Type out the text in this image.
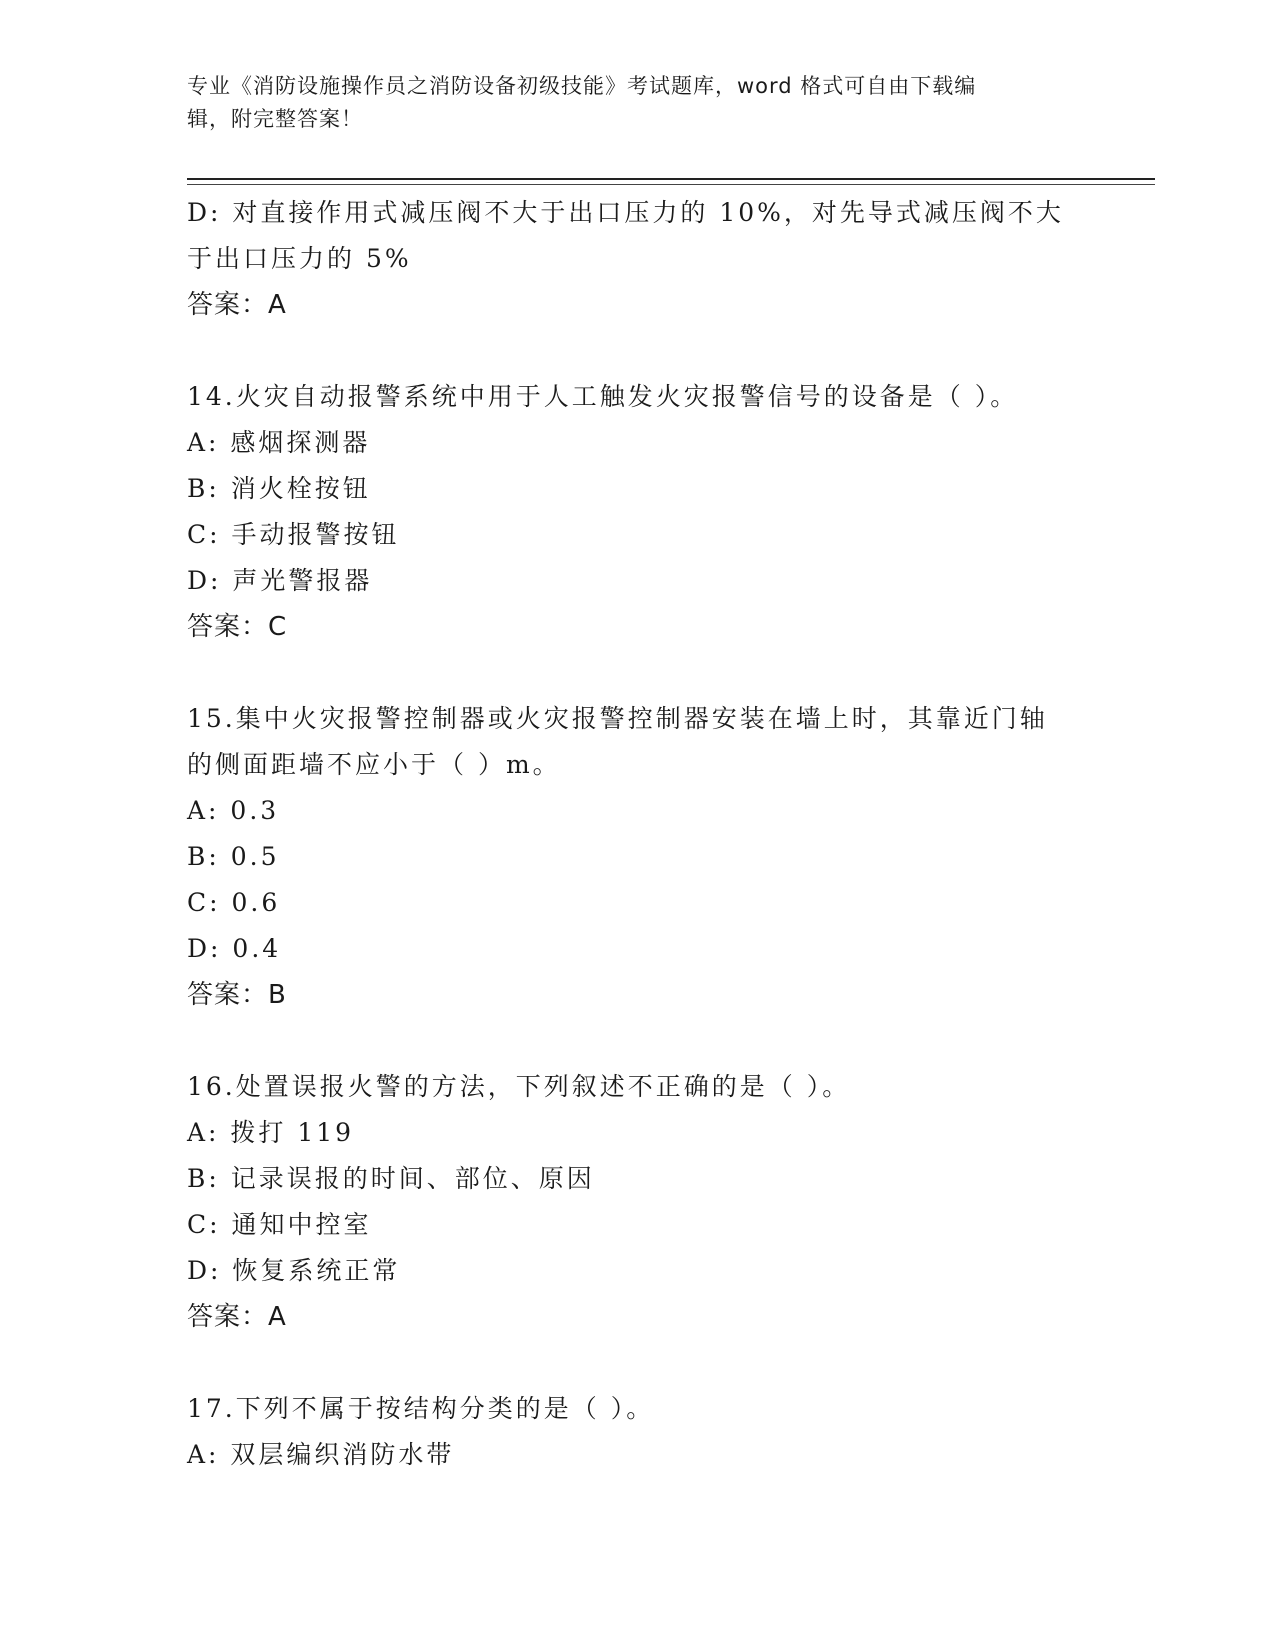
专业《消防设施操作员之消防设备初级技能》考试题库，word 格式可自由下载编
辑，附完整答案！
D: 对直接作用式减压阀不大于出口压力的 10%，对先导式减压阀不大
于出口压力的 5%
答案：A
14.火灾自动报警系统中用于人工触发火灾报警信号的设备是（ ）。
A: 感烟探测器
B: 消火栓按钮
C: 手动报警按钮
D: 声光警报器
答案：C
15.集中火灾报警控制器或火灾报警控制器安装在墙上时，其靠近门轴
的侧面距墙不应小于（ ）m。
A: 0.3
B: 0.5
C: 0.6
D: 0.4
答案：B
16.处置误报火警的方法，下列叙述不正确的是（ ）。
A: 拨打 119
B: 记录误报的时间、部位、原因
C: 通知中控室
D: 恢复系统正常
答案：A
17.下列不属于按结构分类的是（ ）。
A: 双层编织消防水带
